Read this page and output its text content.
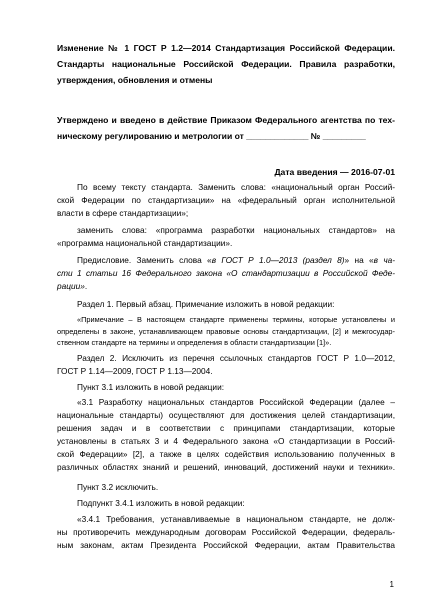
Изменение № 1 ГОСТ Р 1.2—2014 Стандартизация Российской Федерации.
Стандарты национальные Российской Федерации. Правила разработки,
утверждения, обновления и отмены

Утверждено и введено в действие Приказом Федерального агентства по тех-
ническому регулированию и метрологии от _____________ № _________

Дата введения — 2016-07-01

По всему тексту стандарта. Заменить слова: «национальный орган Россий-
ской Федерации по стандартизации» на «федеральный орган исполнительной
власти в сфере стандартизации»;

заменить слова: «программа разработки национальных стандартов» на
«программа национальной стандартизации».

Предисловие. Заменить слова «в ГОСТ Р 1.0—2013 (раздел 8)» на «в ча-
сти 1 статьи 16 Федерального закона «О стандартизации в Российской Феде-
рации».

Раздел 1. Первый абзац. Примечание изложить в новой редакции:

«Примечание – В настоящем стандарте применены термины, которые установлены и
определены в законе, устанавливающем правовые основы стандартизации, [2] и межгосудар-
ственном стандарте на термины и определения в области стандартизации [1]».

Раздел 2. Исключить из перечня ссылочных стандартов ГОСТ Р 1.0—2012,
ГОСТ Р 1.14—2009, ГОСТ Р 1.13—2004.

Пункт 3.1 изложить в новой редакции:

«3.1 Разработку национальных стандартов Российской Федерации (далее –
национальные стандарты) осуществляют для достижения целей стандартизации,
решения задач и в соответствии с принципами стандартизации, которые
установлены в статьях 3 и 4 Федерального закона «О стандартизации в Россий-
ской Федерации» [2], а также в целях содействия использованию полученных в
различных областях знаний и решений, инноваций, достижений науки и техники».

Пункт 3.2 исключить.

Подпункт 3.4.1 изложить в новой редакции:

«3.4.1 Требования, устанавливаемые в национальном стандарте, не долж-
ны противоречить международным договорам Российской Федерации, федераль-
ным законам, актам Президента Российской Федерации, актам Правительства

1
